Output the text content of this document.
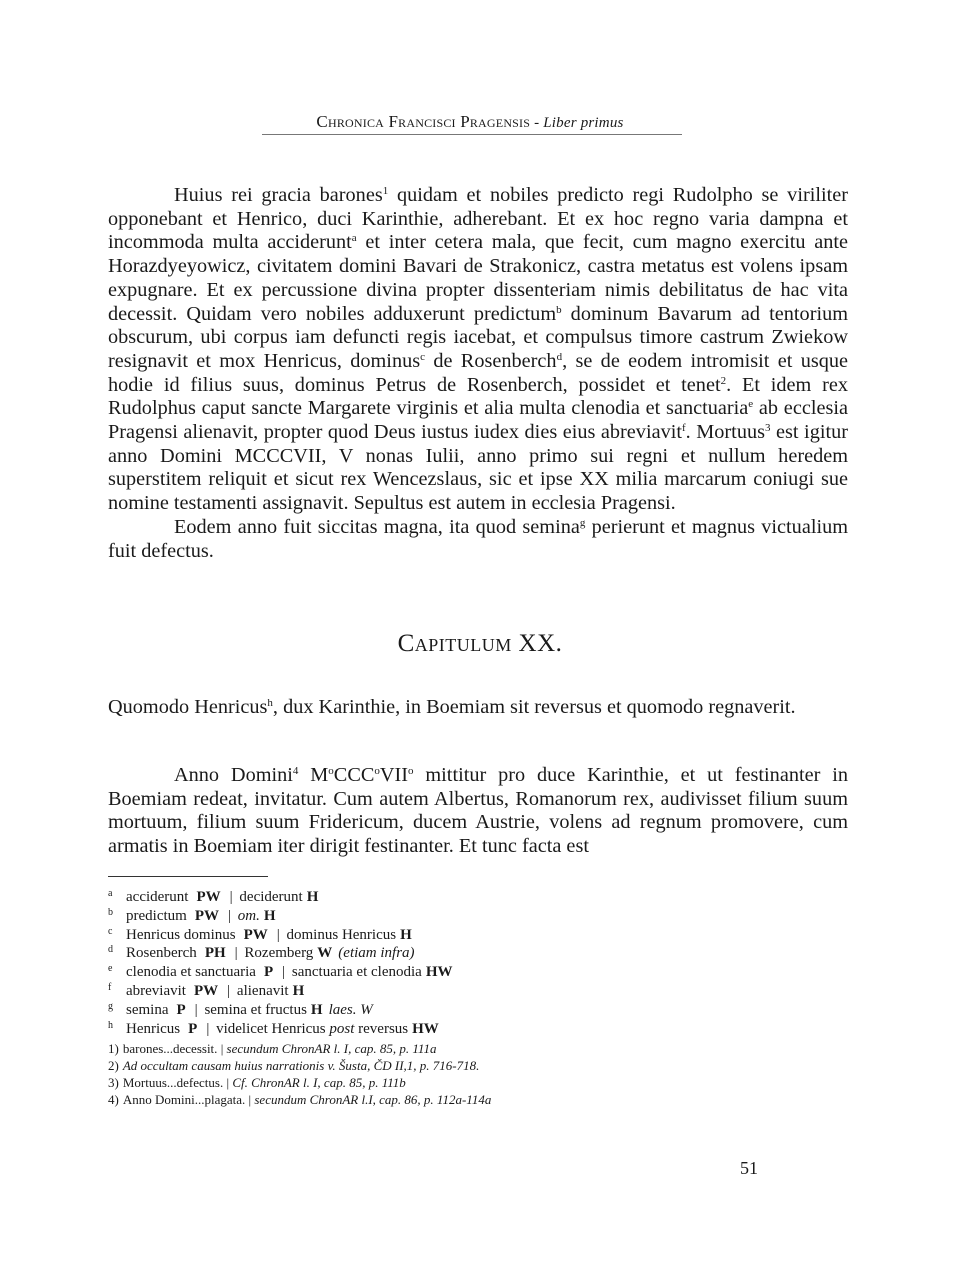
Chronica Francisci Pragensis - Liber primus

Huius rei gracia barones$^1$ quidam et nobiles predicto regi Rudolpho se viriliter opponebant et Henrico, duci Karinthie, adherebant. Et ex hoc regno varia dampna et incommoda multa acciderunt$^a$ et inter cetera mala, que fecit, cum magno exercitu ante Horazdyeyowicz, civitatem domini Bavari de Strakonicz, castra metatus est volens ipsam expugnare. Et ex percussione divina propter dissenteriam nimis debilitatus de hac vita decessit. Quidam vero nobiles adduxerunt predictum$^b$ dominum Bavarum ad tentorium obscurum, ubi corpus iam defuncti regis iacebat, et compulsus timore castrum Zwiekow resignavit et mox Henricus, dominus$^c$ de Rosenberch$^d$, se de eodem intromisit et usque hodie id filius suus, dominus Petrus de Rosenberch, possidet et tenet$^2$. Et idem rex Rudolphus caput sancte Margarete virginis et alia multa clenodia et sanctuaria$^e$ ab ecclesia Pragensi alienavit, propter quod Deus iustus iudex dies eius abreviavit$^f$. Mortuus$^3$ est igitur anno Domini MCCCVII, V nonas Iulii, anno primo sui regni et nullum heredem superstitem reliquit et sicut rex Wencezslaus, sic et ipse XX milia marcarum coniugi sue nomine testamenti assignavit. Sepultus est autem in ecclesia Pragensi.

Eodem anno fuit siccitas magna, ita quod semina$^g$ perierunt et magnus victualium fuit defectus.

Capitulum XX.

Quomodo Henricus$^h$, dux Karinthie, in Boemiam sit reversus et quomodo regnaverit.

Anno Domini$^4$ $M^oCCC^oVII^o$ mittitur pro duce Karinthie, et ut festinanter in Boemiam redeat, invitatur. Cum autem Albertus, Romanorum rex, audivisset filium suum mortuum, filium suum Fridericum, ducem Austrie, volens ad regnum promovere, cum armatis in Boemiam iter dirigit festinanter. Et tunc facta est

a acciderunt PW | deciderunt H
b predictum PW | om. H
c Henricus dominus PW | dominus Henricus H
d Rosenberch PH | Rozemberg W (etiam infra)
e clenodia et sanctuaria P | sanctuaria et clenodia HW
f abreviavit PW | alienavit H
g semina P | semina et fructus H laes. W
h Henricus P | videlicet Henricus post reversus HW
1) barones...decessit. | secundum ChronAR l. I, cap. 85, p. 111a
2) Ad occultam causam huius narrationis v. Šusta, ČD II,1, p. 716-718.
3) Mortuus...defectus. | Cf. ChronAR l. I, cap. 85, p. 111b
4) Anno Domini...plagata. | secundum ChronAR l.I, cap. 86, p. 112a-114a
51
